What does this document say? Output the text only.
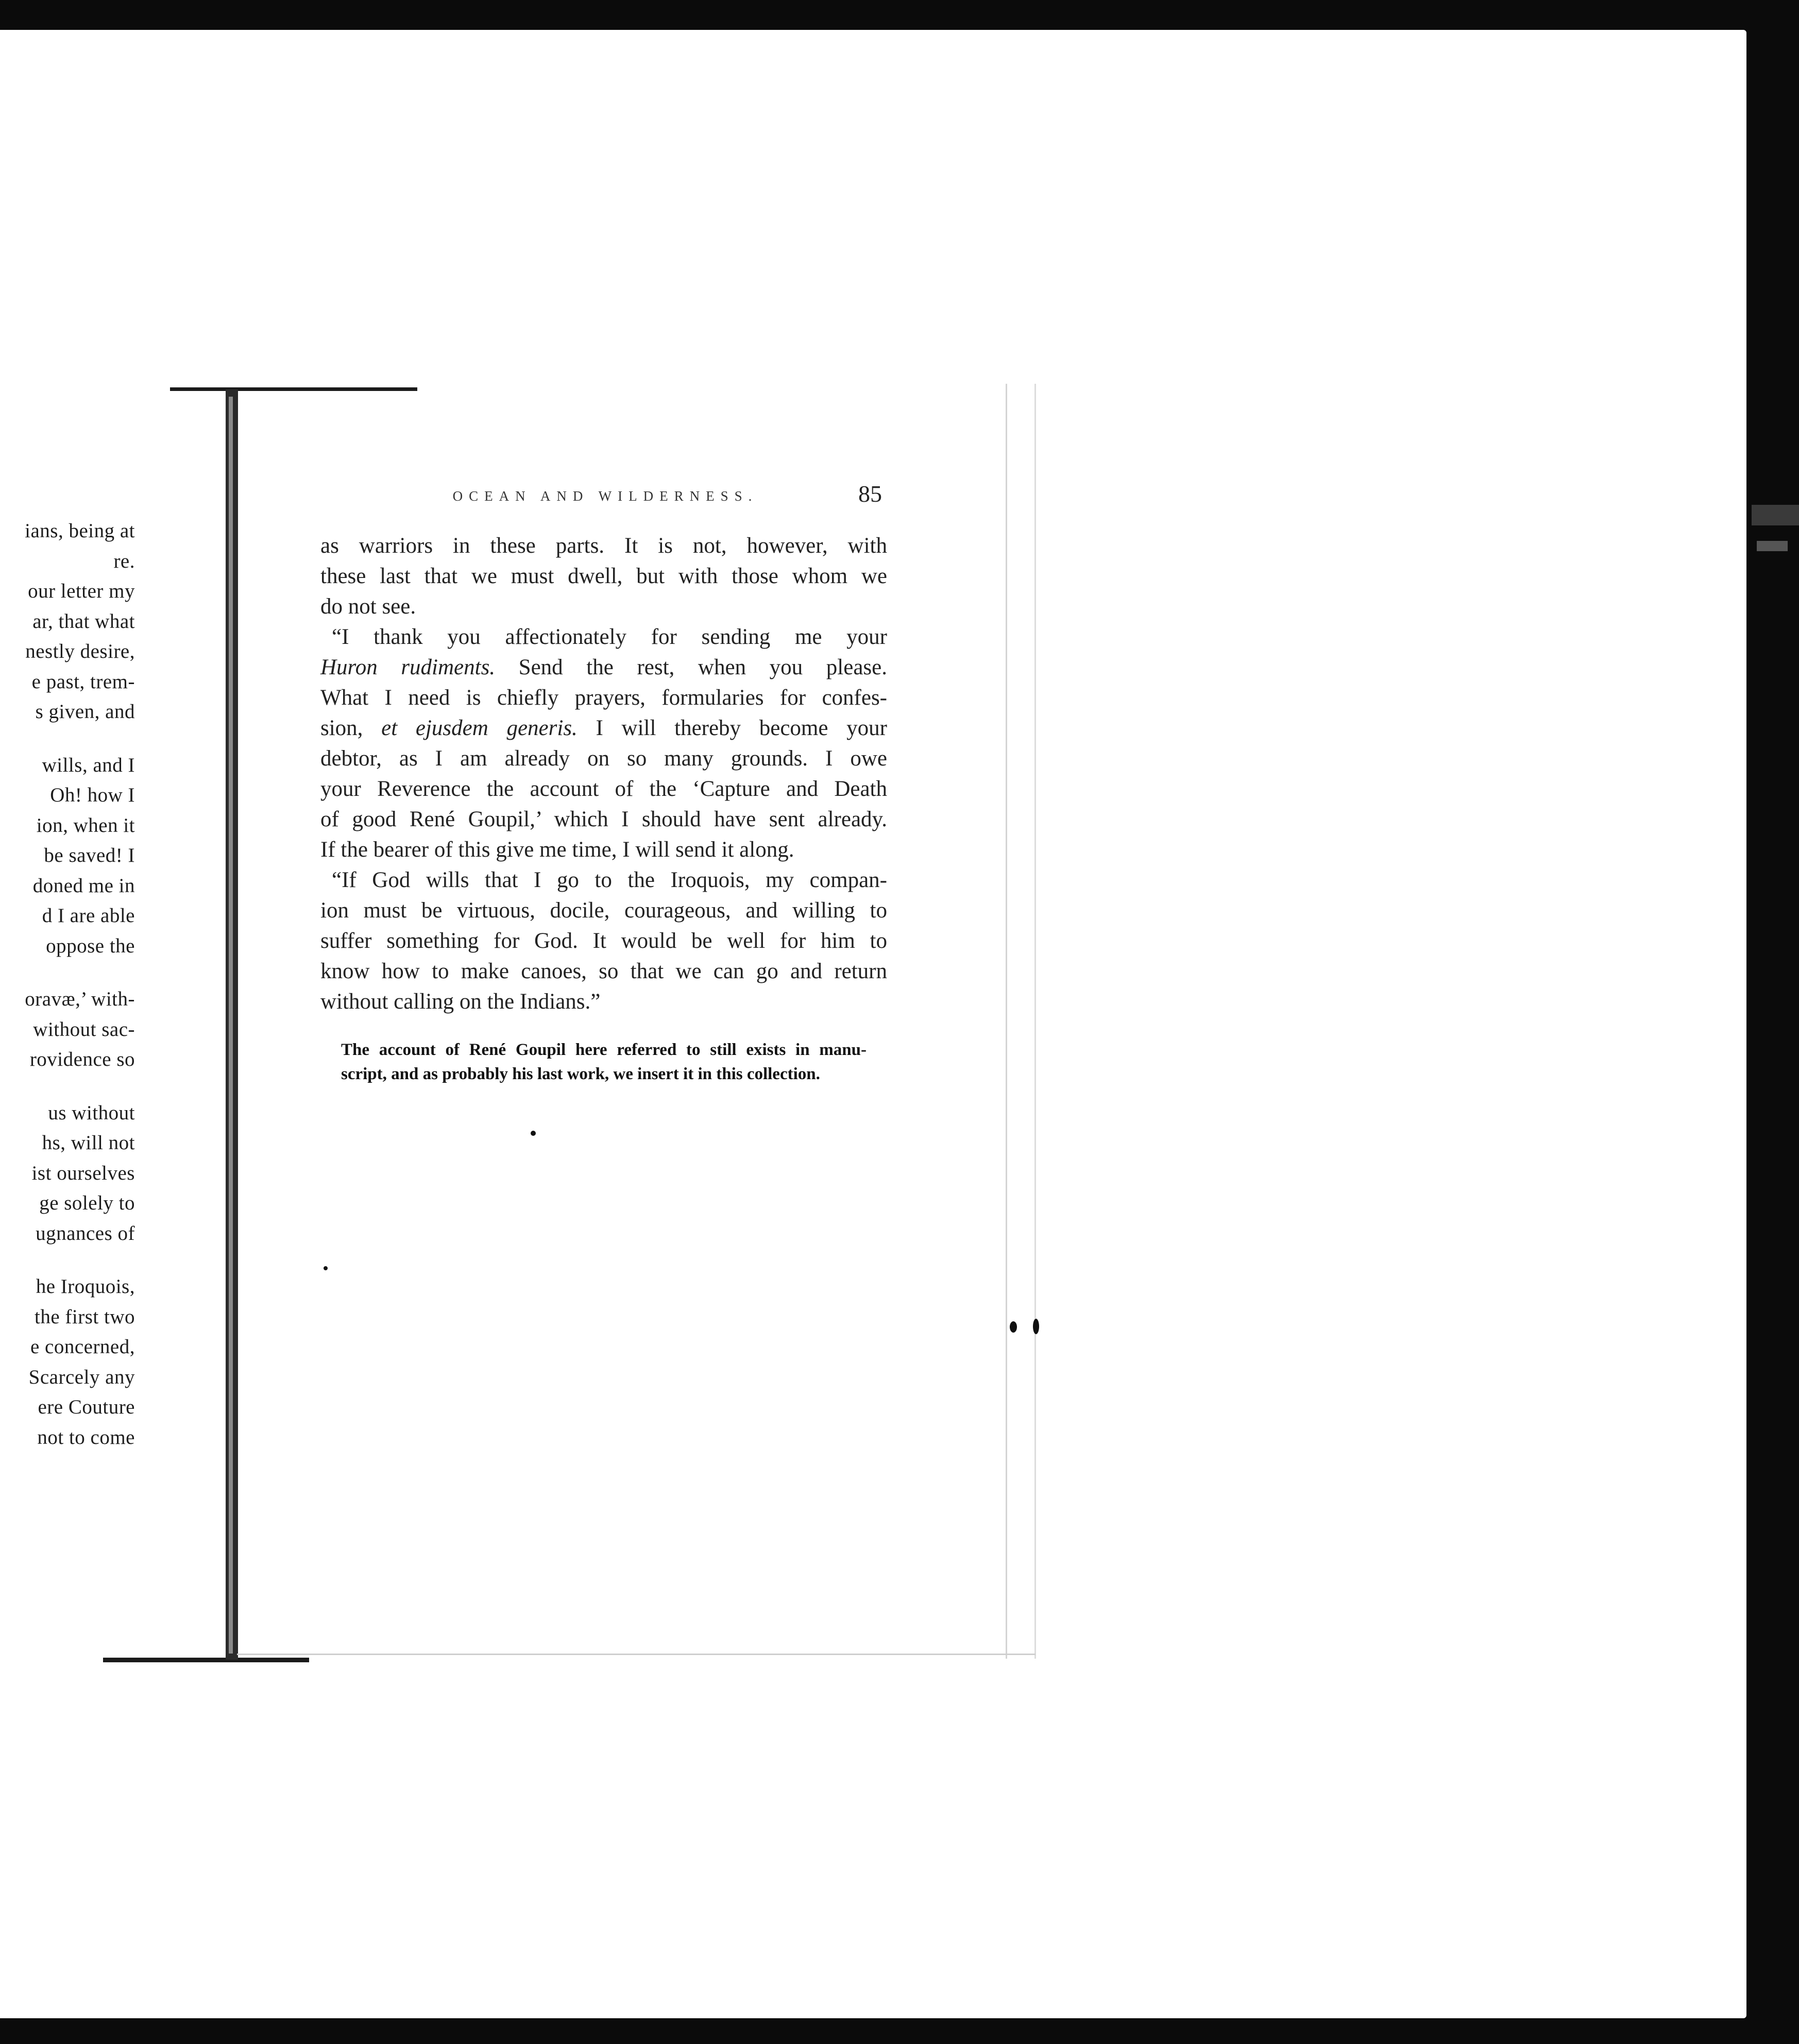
ians, being at
re.
our letter my
ar, that what
nestly desire,
e past, trem-
s given, and
wills, and I
Oh! how I
ion, when it
be saved! I
doned me in
d I are able
oppose the
oravæ,’ with-
without sac-
rovidence so
us without
hs, will not
ist ourselves
ge solely to
ugnances of
he Iroquois,
the first two
e concerned,
Scarcely any
ere Couture
not to come
OCEAN AND WILDERNESS.	85
as warriors in these parts. It is not, however, with
these last that we must dwell, but with those whom we
do not see.
“I thank you affectionately for sending me your
Huron rudiments. Send the rest, when you please.
What I need is chiefly prayers, formularies for confes-
sion, et ejusdem generis. I will thereby become your
debtor, as I am already on so many grounds. I owe
your Reverence the account of the ‘Capture and Death
of good René Goupil,’ which I should have sent already.
If the bearer of this give me time, I will send it along.
“If God wills that I go to the Iroquois, my compan-
ion must be virtuous, docile, courageous, and willing to
suffer something for God. It would be well for him to
know how to make canoes, so that we can go and return
without calling on the Indians.”
The account of René Goupil here referred to still exists in manu-
script, and as probably his last work, we insert it in this collection.
